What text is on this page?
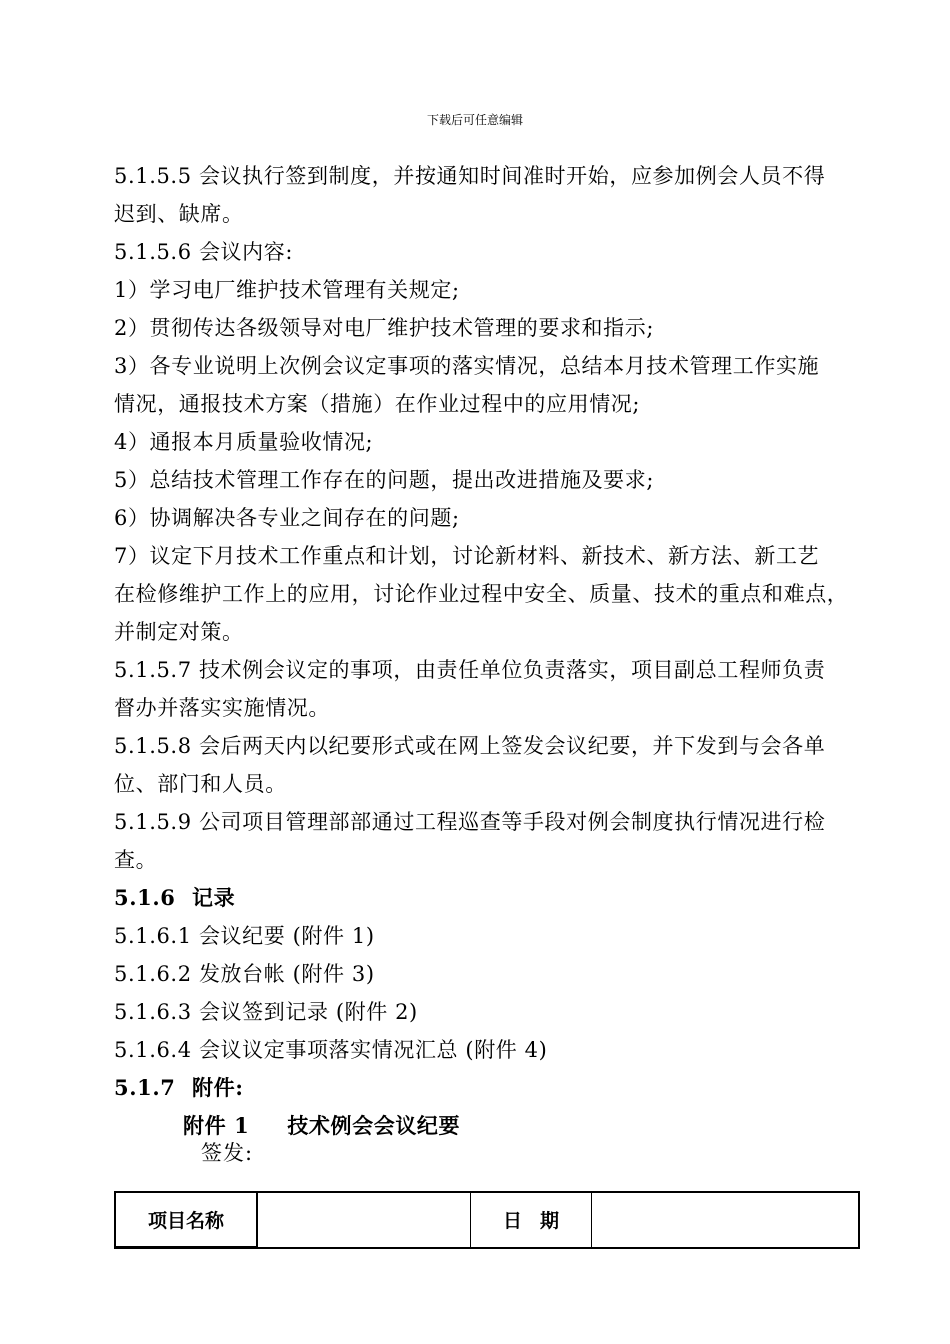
下载后可任意编辑
5.1.5.5 会议执行签到制度，并按通知时间准时开始，应参加例会人员不得
迟到、缺席。
5.1.5.6 会议内容:
1）学习电厂维护技术管理有关规定;
2）贯彻传达各级领导对电厂维护技术管理的要求和指示;
3）各专业说明上次例会议定事项的落实情况，总结本月技术管理工作实施
情况，通报技术方案（措施）在作业过程中的应用情况;
4）通报本月质量验收情况;
5）总结技术管理工作存在的问题，提出改进措施及要求;
6）协调解决各专业之间存在的问题;
7）议定下月技术工作重点和计划，讨论新材料、新技术、新方法、新工艺
在检修维护工作上的应用，讨论作业过程中安全、质量、技术的重点和难点，
并制定对策。
5.1.5.7 技术例会议定的事项，由责任单位负责落实，项目副总工程师负责
督办并落实实施情况。
5.1.5.8 会后两天内以纪要形式或在网上签发会议纪要，并下发到与会各单
位、部门和人员。
5.1.5.9 公司项目管理部部通过工程巡查等手段对例会制度执行情况进行检
查。
5.1.6 记录
5.1.6.1 会议纪要 (附件 1)
5.1.6.2 发放台帐 (附件 3)
5.1.6.3 会议签到记录 (附件 2)
5.1.6.4 会议议定事项落实情况汇总 (附件 4)
5.1.7 附件:
附件 1 技术例会会议纪要
签发:
项目名称		日期	
